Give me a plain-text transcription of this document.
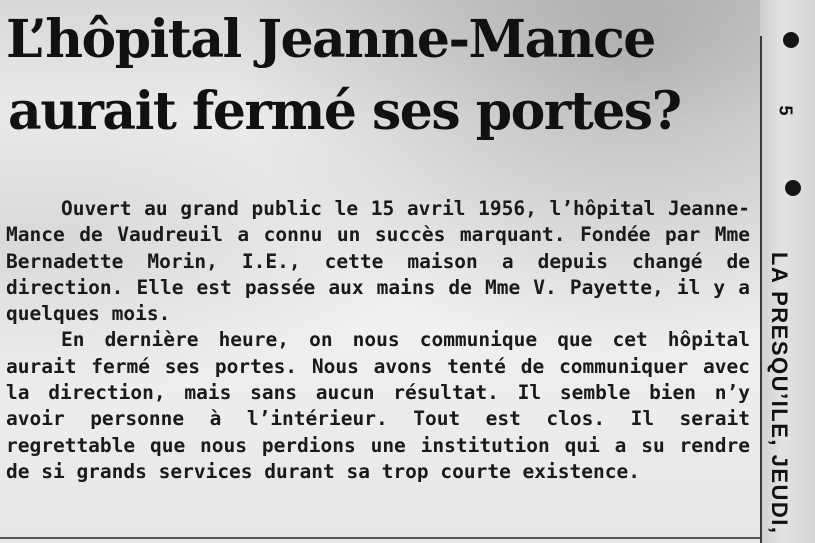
L’hôpital Jeanne-Mance
aurait fermé ses portes?

Ouvert au grand public le 15 avril 1956, l’hôpital Jeanne-Mance de Vaudreuil a connu un succès marquant. Fondée par Mme Bernadette Morin, I.E., cette maison a depuis changé de direction. Elle est passée aux mains de Mme V. Payette, il y a quelques mois.

En dernière heure, on nous communique que cet hôpital aurait fermé ses portes. Nous avons tenté de communiquer avec la direction, mais sans aucun résultat. Il semble bien n’y avoir personne à l’intérieur. Tout est clos. Il serait regrettable que nous perdions une institution qui a su rendre de si grands services durant sa trop courte existence.

5
LA PRESQU’ILE, JEUDI,
